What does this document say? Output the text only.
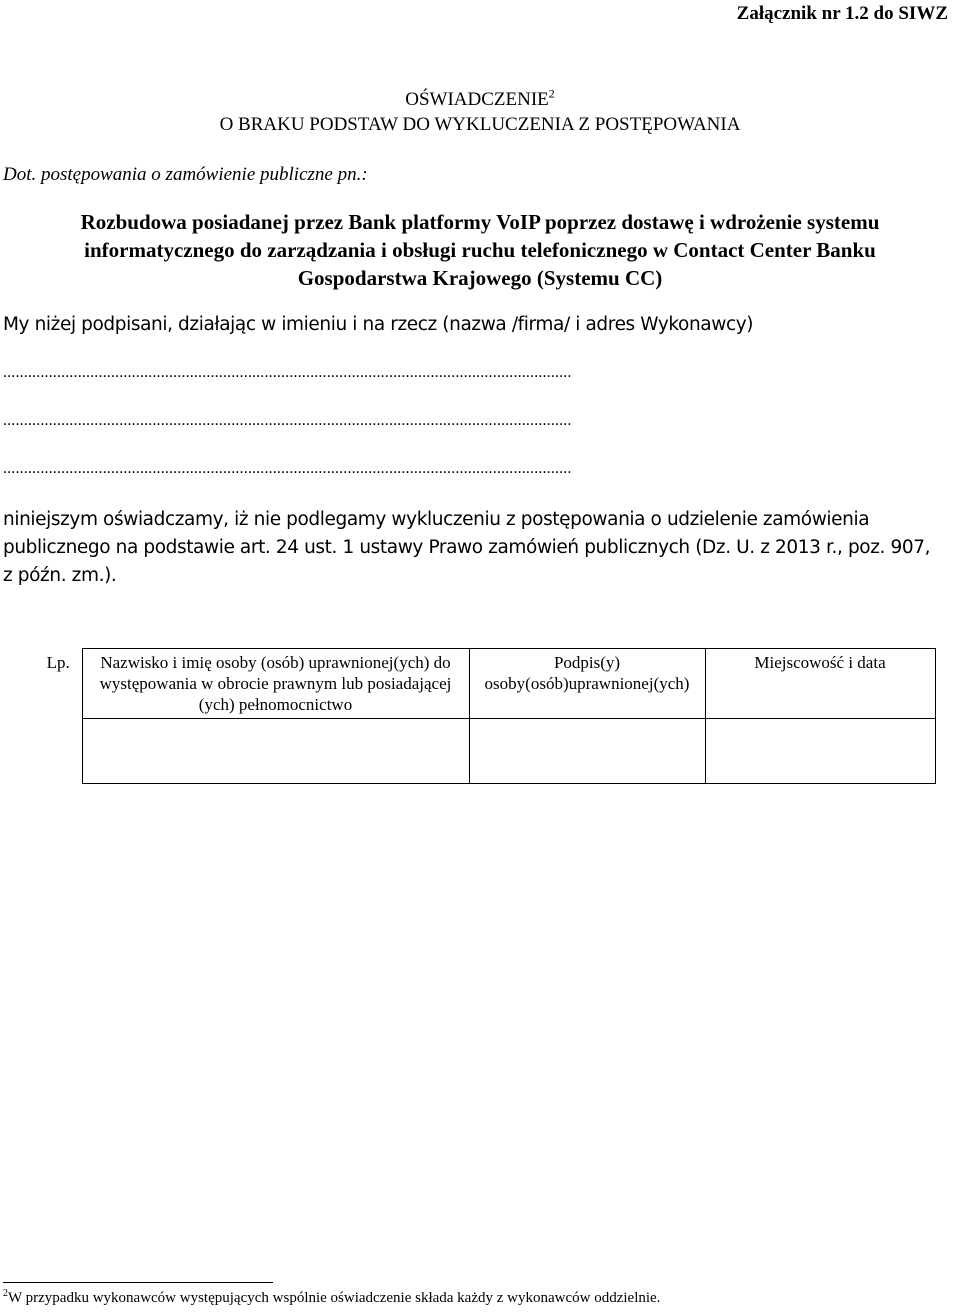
Załącznik nr 1.2 do SIWZ
OŚWIADCZENIE$^2$
O BRAKU PODSTAW DO WYKLUCZENIA Z POSTĘPOWANIA
Dot. postępowania o zamówienie publiczne pn.:
Rozbudowa posiadanej przez Bank platformy VoIP poprzez dostawę i wdrożenie systemu
informatycznego do zarządzania i obsługi ruchu telefonicznego w Contact Center Banku
Gospodarstwa Krajowego (Systemu CC)
My niżej podpisani, działając w imieniu i na rzecz (nazwa /firma/ i adres Wykonawcy)
.........................................................................................................................................
.........................................................................................................................................
.........................................................................................................................................
niniejszym oświadczamy, iż nie podlegamy wykluczeniu z postępowania o udzielenie zamówienia
publicznego na podstawie art. 24 ust. 1 ustawy Prawo zamówień publicznych (Dz. U. z 2013 r., poz. 907,
z późn. zm.).
Lp.	Nazwisko i imię osoby (osób) uprawnionej(ych) do występowania w obrocie prawnym lub posiadającej (ych) pełnomocnictwo	Podpis(y) osoby(osób)uprawnionej(ych)	Miejscowość i data

$^2$W przypadku wykonawców występujących wspólnie oświadczenie składa każdy z wykonawców oddzielnie.
